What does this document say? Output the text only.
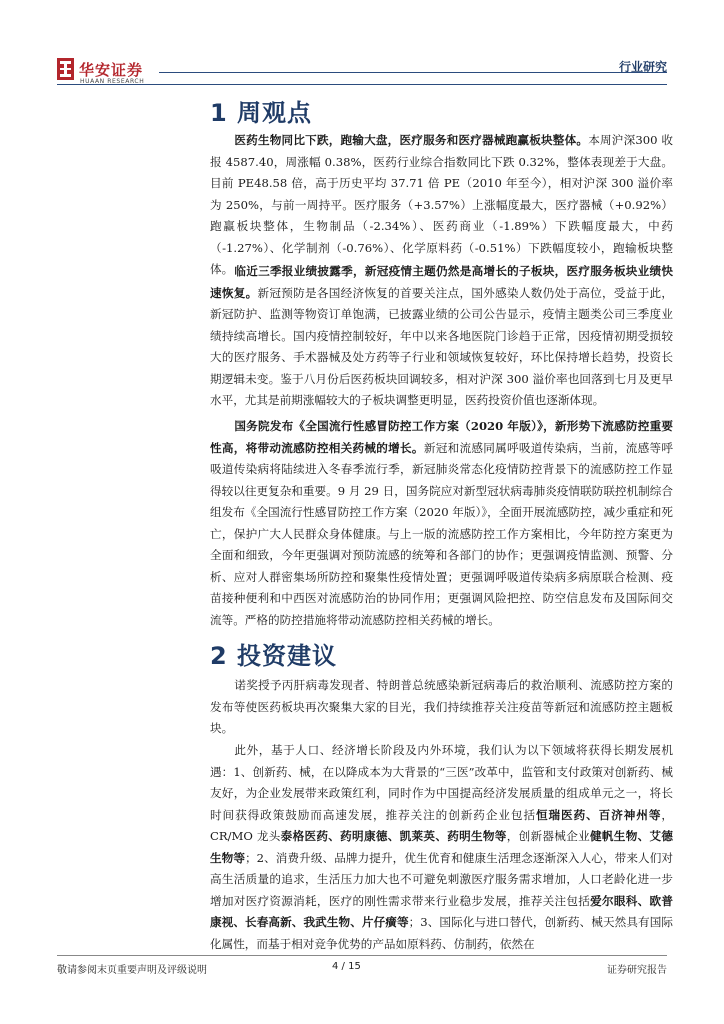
华安证券
HUAAN RESEARCH
行业研究
1 周观点

医药生物同比下跌，跑输大盘，医疗服务和医疗器械跑赢板块整体。本周沪深300 收报 4587.40，周涨幅 0.38%，医药行业综合指数同比下跌 0.32%，整体表现差于大盘。目前 PE48.58 倍，高于历史平均 37.71 倍 PE（2010 年至今），相对沪深 300 溢价率为 250%，与前一周持平。医疗服务（+3.57%）上涨幅度最大，医疗器械（+0.92%）跑赢板块整体，生物制品（-2.34%）、医药商业（-1.89%）下跌幅度最大，中药（-1.27%）、化学制剂（-0.76%）、化学原料药（-0.51%）下跌幅度较小，跑输板块整体。 临近三季报业绩披露季，新冠疫情主题仍然是高增长的子板块，医疗服务板块业绩快速恢复。新冠预防是各国经济恢复的首要关注点，国外感染人数仍处于高位，受益于此，新冠防护、监测等物资订单饱满，已披露业绩的公司公告显示，疫情主题类公司三季度业绩持续高增长。国内疫情控制较好，年中以来各地医院门诊趋于正常，因疫情初期受损较大的医疗服务、手术器械及处方药等子行业和领域恢复较好，环比保持增长趋势，投资长期逻辑未变。鉴于八月份后医药板块回调较多，相对沪深 300 溢价率也回落到七月及更早水平，尤其是前期涨幅较大的子板块调整更明显，医药投资价值也逐渐体现。

国务院发布《全国流行性感冒防控工作方案（2020 年版）》，新形势下流感防控重要性高，将带动流感防控相关药械的增长。新冠和流感同属呼吸道传染病，当前，流感等呼吸道传染病将陆续进入冬春季流行季，新冠肺炎常态化疫情防控背景下的流感防控工作显得较以往更复杂和重要。9 月 29 日，国务院应对新型冠状病毒肺炎疫情联防联控机制综合组发布《全国流行性感冒防控工作方案（2020 年版）》，全面开展流感防控，减少重症和死亡，保护广大人民群众身体健康。与上一版的流感防控工作方案相比，今年防控方案更为全面和细致，今年更强调对预防流感的统筹和各部门的协作；更强调疫情监测、预警、分析、应对人群密集场所防控和聚集性疫情处置；更强调呼吸道传染病多病原联合检测、疫苗接种便利和中西医对流感防治的协同作用；更强调风险把控、防空信息发布及国际间交流等。严格的防控措施将带动流感防控相关药械的增长。

2 投资建议

诺奖授予丙肝病毒发现者、特朗普总统感染新冠病毒后的救治顺利、流感防控方案的发布等使医药板块再次聚集大家的目光，我们持续推荐关注疫苗等新冠和流感防控主题板块。

此外，基于人口、经济增长阶段及内外环境，我们认为以下领域将获得长期发展机遇：1、创新药、械，在以降成本为大背景的“三医”改革中，监管和支付政策对创新药、械友好，为企业发展带来政策红利，同时作为中国提高经济发展质量的组成单元之一，将长时间获得政策鼓励而高速发展，推荐关注的创新药企业包括恒瑞医药、百济神州等，CR/MO 龙头泰格医药、药明康德、凯莱英、药明生物等，创新器械企业健帆生物、艾德生物等；2、消费升级、品牌力提升，优生优育和健康生活理念逐渐深入人心，带来人们对高生活质量的追求，生活压力加大也不可避免刺激医疗服务需求增加，人口老龄化进一步增加对医疗资源消耗，医疗的刚性需求带来行业稳步发展，推荐关注包括爱尔眼科、欧普康视、长春高新、我武生物、片仔癀等；3、国际化与进口替代，创新药、械天然具有国际化属性，而基于相对竞争优势的产品如原料药、仿制药，依然在

敬请参阅末页重要声明及评级说明	4 / 15	证券研究报告
